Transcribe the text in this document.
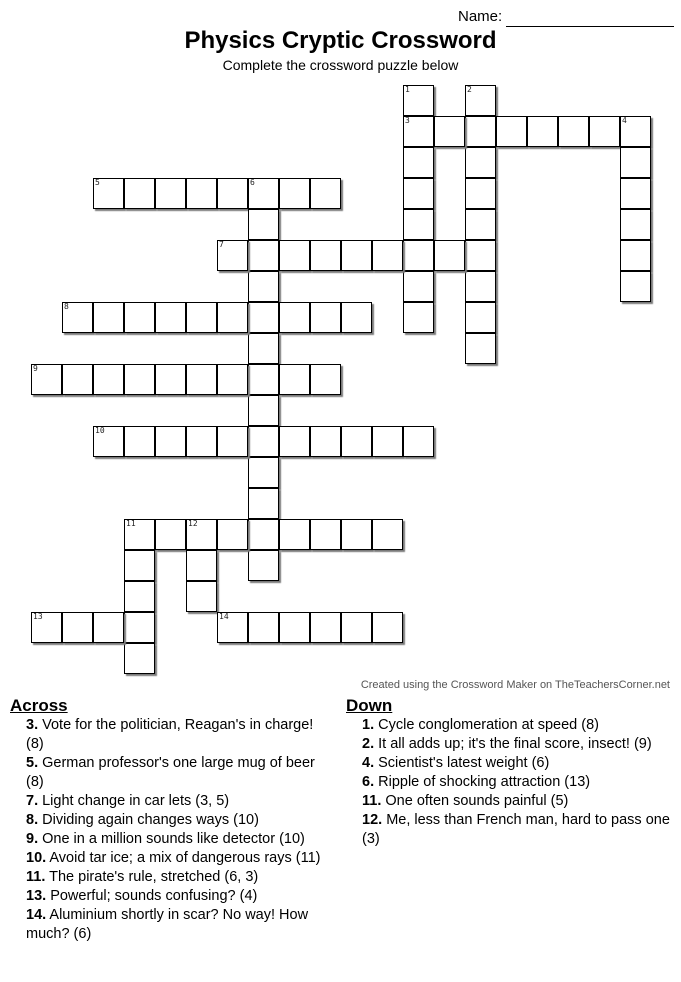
Name:
Physics Cryptic Crossword
Complete the crossword puzzle below
1
3
2
4
5	6
7
8
9
10
11	12
13	14
Created using the Crossword Maker on TheTeachersCorner.net
Across
3. Vote for the politician, Reagan's in charge! (8)
5. German professor's one large mug of beer (8)
7. Light change in car lets (3, 5)
8. Dividing again changes ways (10)
9. One in a million sounds like detector (10)
10. Avoid tar ice; a mix of dangerous rays (11)
11. The pirate's rule, stretched (6, 3)
13. Powerful; sounds confusing? (4)
14. Aluminium shortly in scar? No way! How much? (6)
Down
1. Cycle conglomeration at speed (8)
2. It all adds up; it's the final score, insect! (9)
4. Scientist's latest weight (6)
6. Ripple of shocking attraction (13)
11. One often sounds painful (5)
12. Me, less than French man, hard to pass one (3)
